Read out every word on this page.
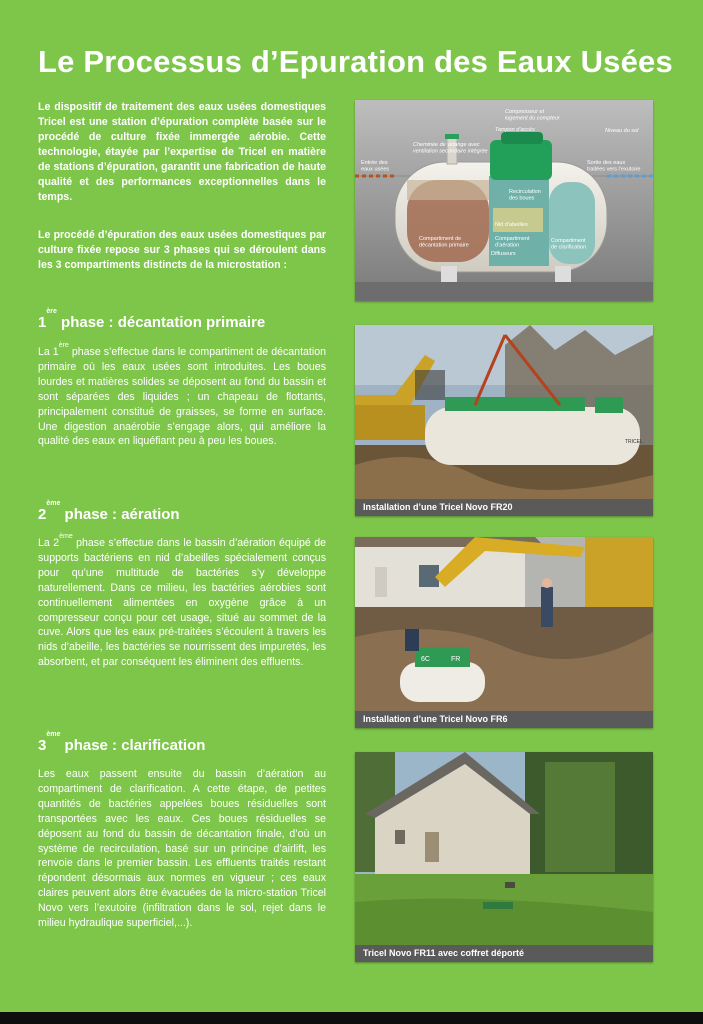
Le Processus d’Epuration des Eaux Usées

Le dispositif de traitement des eaux usées domestiques Tricel est une station d’épuration complète basée sur le procédé de culture fixée immergée aérobie. Cette technologie, étayée par l’expertise de Tricel en matière de stations d’épuration, garantit une fabrication de haute qualité et des performances exceptionnelles dans le temps.

Le procédé d’épuration des eaux usées domestiques par culture fixée repose sur 3 phases qui se déroulent dans les 3 compartiments distincts de la microstation :

1ère phase : décantation primaire

La 1ère phase s’effectue dans le compartiment de décantation primaire où les eaux usées sont introduites. Les boues lourdes et matières solides se déposent au fond du bassin et sont séparées des liquides ; un chapeau de flottants, principalement constitué de graisses, se forme en surface. Une digestion anaérobie s’engage alors, qui améliore la qualité des eaux en liquéfiant peu à peu les boues.

2ème phase : aération

La 2ème phase s’effectue dans le bassin d’aération équipé de supports bactériens en nid d’abeilles spécialement conçus pour qu’une multitude de bactéries s’y développe naturellement. Dans ce milieu, les bactéries aérobies sont continuellement alimentées en oxygène grâce à un compresseur conçu pour cet usage, situé au sommet de la cuve. Alors que les eaux pré-traitées s’écoulent à travers les nids d’abeille, les bactéries se nourrissent des impuretés, les absorbent, et par conséquent les éliminent des effluents.

3ème phase : clarification

Les eaux passent ensuite du bassin d’aération au compartiment de clarification. A cette étape, de petites quantités de bactéries appelées boues résiduelles sont transportées avec les eaux. Ces boues résiduelles se déposent au fond du bassin de décantation finale, d’où un système de recirculation, basé sur un principe d’airlift, les renvoie dans le premier bassin. Les effluents traités restant répondent désormais aux normes en vigueur ; ces eaux claires peuvent alors être évacuées de la micro-station Tricel Novo vers l’exutoire (infiltration dans le sol, rejet dans le milieu hydraulique superficiel,...).

Compresseur et logement du compteur
Tampon d’accès	Niveau du sol
Cheminée de vidange avec ventilation secondaire intégrée
Entrée des eaux usées
Sortie des eaux traitées vers l’exutoire
Recirculation des boues
Nid d’abeilles
Compartiment de décantation primaire
Compartiment d’aération
Compartiment de clarification
Diffuseurs
TRICEL
Installation d’une Tricel Novo FR20
6C	FR
Installation d’une Tricel Novo FR6
Tricel Novo FR11 avec coffret déporté
